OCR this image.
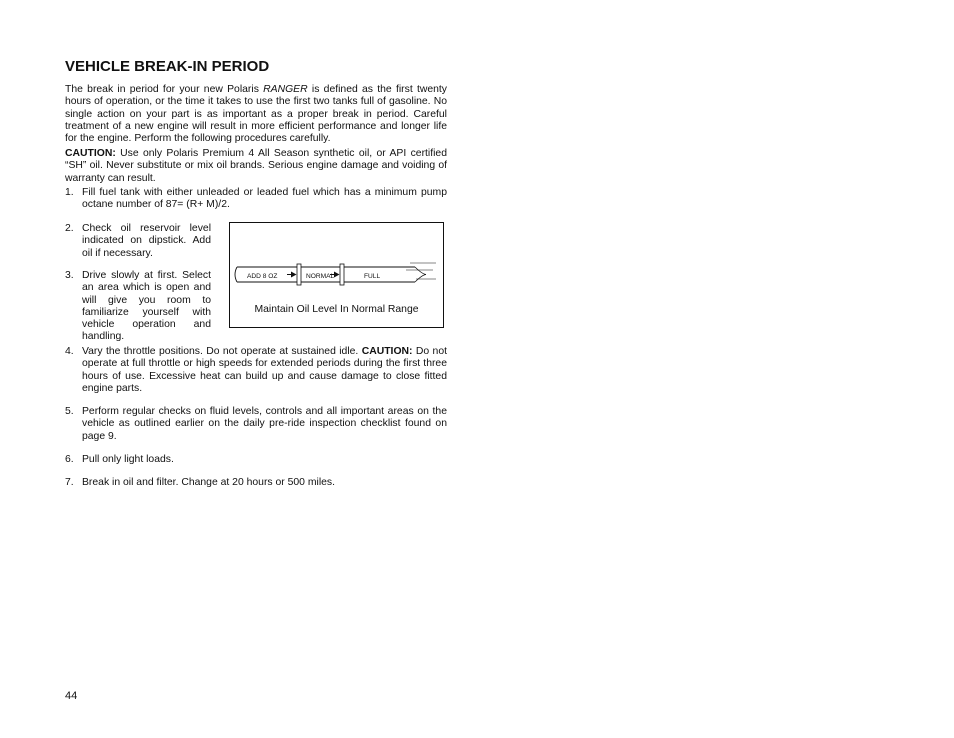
VEHICLE BREAK-IN PERIOD

The break in period for your new Polaris RANGER is defined as the first twenty hours of operation, or the time it takes to use the first two tanks full of gasoline. No single action on your part is as important as a proper break in period. Careful treatment of a new engine will result in more efficient performance and longer life for the engine. Perform the following procedures carefully.

CAUTION: Use only Polaris Premium 4 All Season synthetic oil, or API certified “SH” oil. Never substitute or mix oil brands. Serious engine damage and voiding of warranty can result.

1. Fill fuel tank with either unleaded or leaded fuel which has a minimum pump octane number of 87= (R+ M)/2.
2. Check oil reservoir level indicated on dipstick. Add oil if necessary.
3. Drive slowly at first. Select an area which is open and will give you room to familiarize yourself with vehicle operation and handling.
ADD 8 OZ	NORMAL	FULL
Maintain Oil Level In Normal Range
4. Vary the throttle positions. Do not operate at sustained idle. CAUTION: Do not operate at full throttle or high speeds for extended periods during the first three hours of use. Excessive heat can build up and cause damage to close fitted engine parts.
5. Perform regular checks on fluid levels, controls and all important areas on the vehicle as outlined earlier on the daily pre-ride inspection checklist found on page 9.
6. Pull only light loads.
7. Break in oil and filter. Change at 20 hours or 500 miles.
44
